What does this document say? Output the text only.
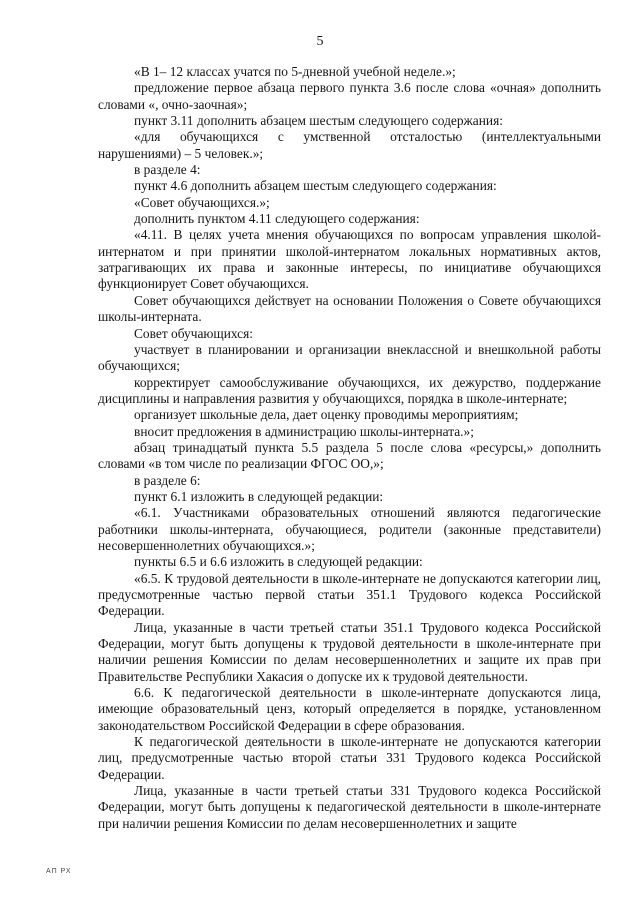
5

«В 1– 12 классах учатся по 5-дневной учебной неделе.»;

предложение первое абзаца первого пункта 3.6 после слова «очная» дополнить словами «, очно-заочная»;

пункт 3.11 дополнить абзацем шестым следующего содержания:

«для обучающихся с умственной отсталостью (интеллектуальными нарушениями) – 5 человек.»;

в разделе 4:

пункт 4.6 дополнить абзацем шестым следующего содержания:

«Совет обучающихся.»;

дополнить пунктом 4.11 следующего содержания:

«4.11. В целях учета мнения обучающихся по вопросам управления школой-интернатом и при принятии школой-интернатом локальных нормативных актов, затрагивающих их права и законные интересы, по инициативе обучающихся функционирует Совет обучающихся.

Совет обучающихся действует на основании Положения о Совете обучающихся школы-интерната.

Совет обучающихся:

участвует в планировании и организации внеклассной и внешкольной работы обучающихся;

корректирует самообслуживание обучающихся, их дежурство, поддержание дисциплины и направления развития у обучающихся, порядка в школе-интернате;

организует школьные дела, дает оценку проводимы мероприятиям;

вносит предложения в администрацию школы-интерната.»;

абзац тринадцатый пункта 5.5 раздела 5 после слова «ресурсы,» дополнить словами «в том числе по реализации ФГОС ОО,»;

в разделе 6:

пункт 6.1 изложить в следующей редакции:

«6.1. Участниками образовательных отношений являются педагогические работники школы-интерната, обучающиеся, родители (законные представители) несовершеннолетних обучающихся.»;

пункты 6.5 и 6.6 изложить в следующей редакции:

«6.5. К трудовой деятельности в школе-интернате не допускаются категории лиц, предусмотренные частью первой статьи 351.1 Трудового кодекса Российской Федерации.

Лица, указанные в части третьей статьи 351.1 Трудового кодекса Российской Федерации, могут быть допущены к трудовой деятельности в школе-интернате при наличии решения Комиссии по делам несовершеннолетних и защите их прав при Правительстве Республики Хакасия о допуске их к трудовой деятельности.

6.6. К педагогической деятельности в школе-интернате допускаются лица, имеющие образовательный ценз, который определяется в порядке, установленном законодательством Российской Федерации в сфере образования.

К педагогической деятельности в школе-интернате не допускаются категории лиц, предусмотренные частью второй статьи 331 Трудового кодекса Российской Федерации.

Лица, указанные в части третьей статьи 331 Трудового кодекса Российской Федерации, могут быть допущены к педагогической деятельности в школе-интернате при наличии решения Комиссии по делам несовершеннолетних и защите

АП РХ
